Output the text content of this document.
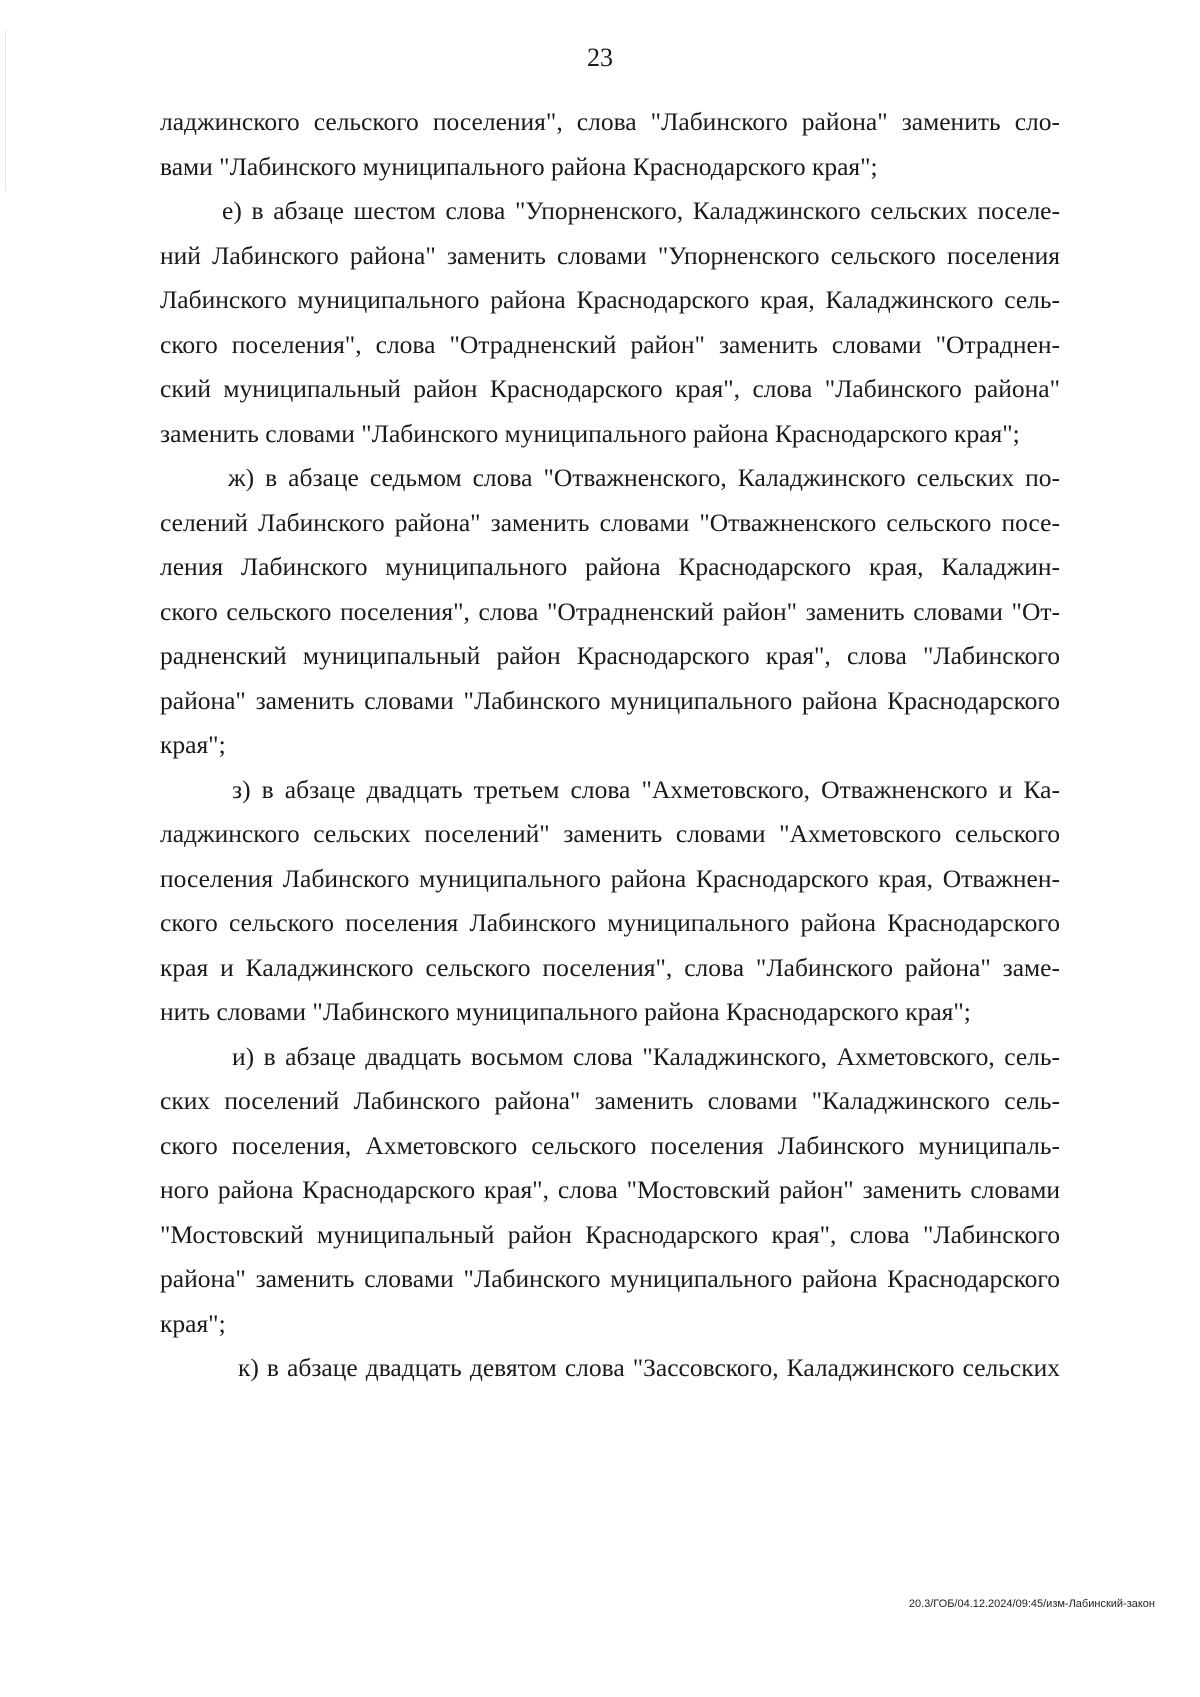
23
ладжинского сельского поселения", слова "Лабинского района" заменить сло-
вами "Лабинского муниципального района Краснодарского края";
е) в абзаце шестом слова "Упорненского, Каладжинского сельских поселе-
ний Лабинского района" заменить словами "Упорненского сельского поселения
Лабинского муниципального района Краснодарского края, Каладжинского сель-
ского поселения", слова "Отрадненский район" заменить словами "Отраднен-
ский муниципальный район Краснодарского края", слова "Лабинского района"
заменить словами "Лабинского муниципального района Краснодарского края";
ж) в абзаце седьмом слова "Отважненского, Каладжинского сельских по-
селений Лабинского района" заменить словами "Отважненского сельского посе-
ления Лабинского муниципального района Краснодарского края, Каладжин-
ского сельского поселения", слова "Отрадненский район" заменить словами "От-
радненский муниципальный район Краснодарского края", слова "Лабинского
района" заменить словами "Лабинского муниципального района Краснодарского
края";
з) в абзаце двадцать третьем слова "Ахметовского, Отважненского и Ка-
ладжинского сельских поселений" заменить словами "Ахметовского сельского
поселения Лабинского муниципального района Краснодарского края, Отважнен-
ского сельского поселения Лабинского муниципального района Краснодарского
края и Каладжинского сельского поселения", слова "Лабинского района" заме-
нить словами "Лабинского муниципального района Краснодарского края";
и) в абзаце двадцать восьмом слова "Каладжинского, Ахметовского, сель-
ских поселений Лабинского района" заменить словами "Каладжинского сель-
ского поселения, Ахметовского сельского поселения Лабинского муниципаль-
ного района Краснодарского края", слова "Мостовский район" заменить словами
"Мостовский муниципальный район Краснодарского края", слова "Лабинского
района" заменить словами "Лабинского муниципального района Краснодарского
края";
к) в абзаце двадцать девятом слова "Зассовского, Каладжинского сельских
20.3/ГОБ/04.12.2024/09:45/изм-Лабинский-закон
